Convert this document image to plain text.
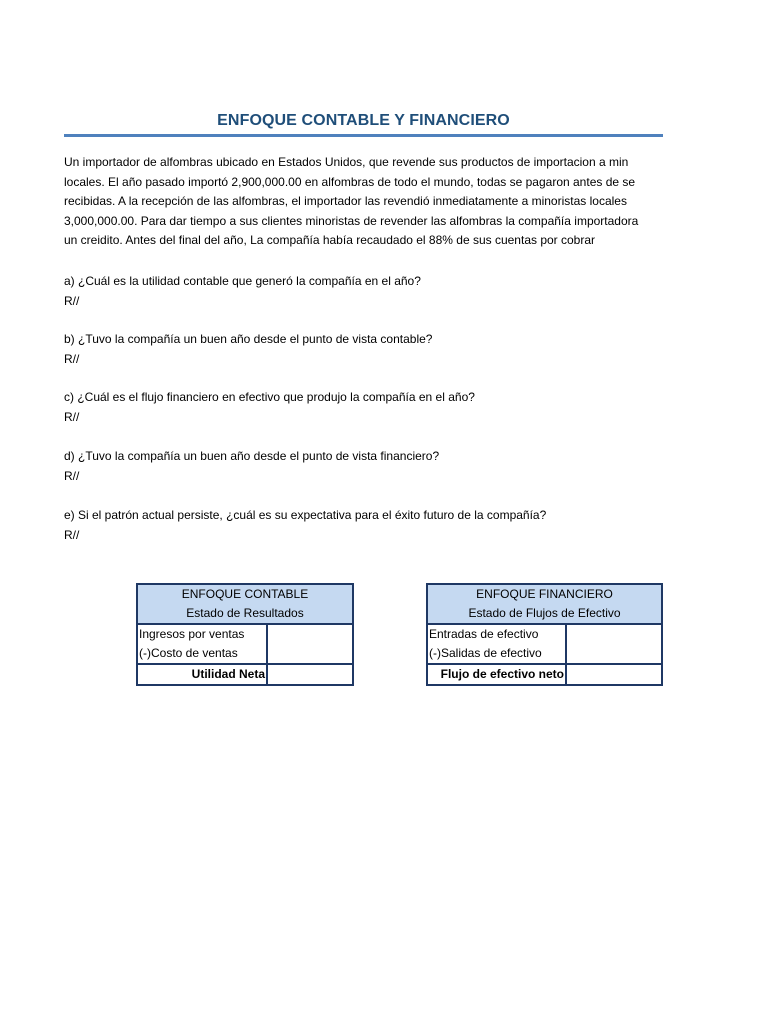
ENFOQUE CONTABLE Y FINANCIERO
Un importador de alfombras ubicado en Estados Unidos, que revende sus productos de importacion a min
locales. El año pasado importó 2,900,000.00 en alfombras de todo el mundo, todas se pagaron antes de se
recibidas. A la recepción de las alfombras, el importador las revendió inmediatamente a minoristas locales
3,000,000.00. Para dar tiempo a sus clientes minoristas de revender las alfombras la compañía importadora
un creidito. Antes del final del año, La compañía había recaudado el 88% de sus cuentas por cobrar
a) ¿Cuál es la utilidad contable que generó la compañía en el año?
R//
b) ¿Tuvo la compañía un buen año desde el punto de vista contable?
R//
c) ¿Cuál es el flujo financiero en efectivo que produjo la compañía en el año?
R//
d) ¿Tuvo la compañía un buen año desde el punto de vista financiero?
R//
e) Si el patrón actual persiste, ¿cuál es su expectativa para el éxito futuro de la compañía?
R//
ENFOQUE CONTABLE	
Estado de Resultados	
Ingresos por ventas	
(-)Costo de ventas	
Utilidad Neta	
ENFOQUE FINANCIERO	
Estado de Flujos de Efectivo	
Entradas de efectivo	
(-)Salidas de efectivo	
Flujo de efectivo neto	
